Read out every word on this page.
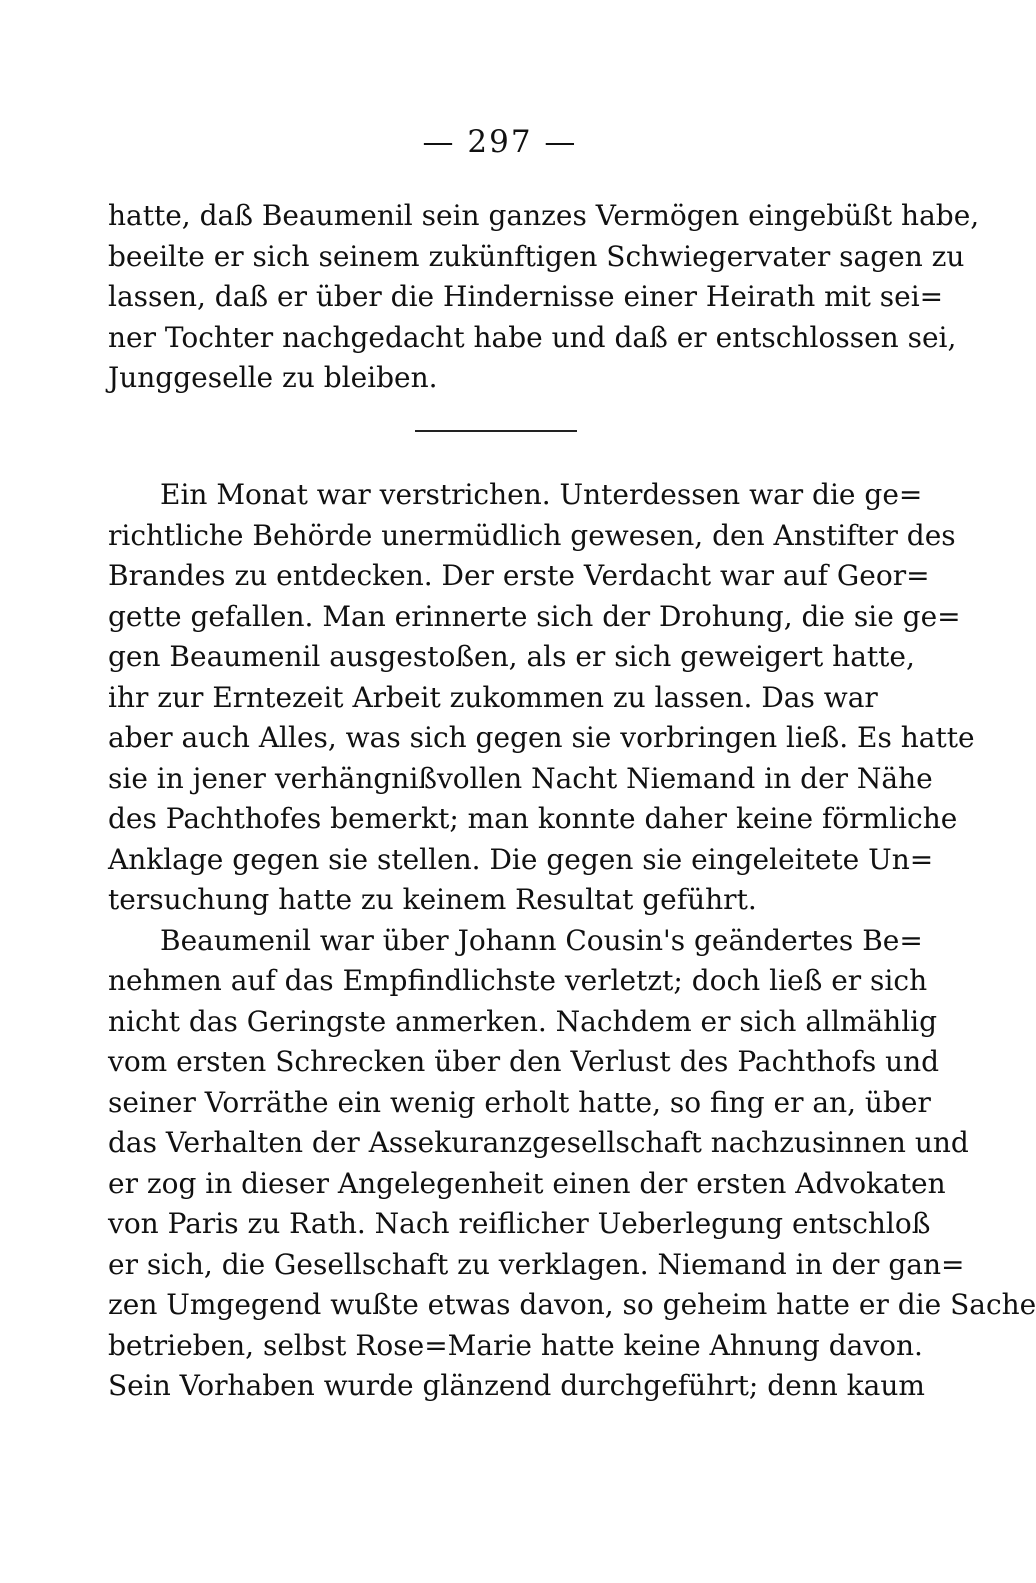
— 297 —
hatte, daß Beaumenil sein ganzes Vermögen eingebüßt habe,
beeilte er sich seinem zukünftigen Schwiegervater sagen zu
lassen, daß er über die Hindernisse einer Heirath mit sei=
ner Tochter nachgedacht habe und daß er entschlossen sei,
Junggeselle zu bleiben.
Ein Monat war verstrichen. Unterdessen war die ge=
richtliche Behörde unermüdlich gewesen, den Anstifter des
Brandes zu entdecken. Der erste Verdacht war auf Geor=
gette gefallen. Man erinnerte sich der Drohung, die sie ge=
gen Beaumenil ausgestoßen, als er sich geweigert hatte,
ihr zur Erntezeit Arbeit zukommen zu lassen. Das war
aber auch Alles, was sich gegen sie vorbringen ließ. Es hatte
sie in jener verhängnißvollen Nacht Niemand in der Nähe
des Pachthofes bemerkt; man konnte daher keine förmliche
Anklage gegen sie stellen. Die gegen sie eingeleitete Un=
tersuchung hatte zu keinem Resultat geführt.
Beaumenil war über Johann Cousin's geändertes Be=
nehmen auf das Empfindlichste verletzt; doch ließ er sich
nicht das Geringste anmerken. Nachdem er sich allmählig
vom ersten Schrecken über den Verlust des Pachthofs und
seiner Vorräthe ein wenig erholt hatte, so fing er an, über
das Verhalten der Assekuranzgesellschaft nachzusinnen und
er zog in dieser Angelegenheit einen der ersten Advokaten
von Paris zu Rath. Nach reiflicher Ueberlegung entschloß
er sich, die Gesellschaft zu verklagen. Niemand in der gan=
zen Umgegend wußte etwas davon, so geheim hatte er die Sache
betrieben, selbst Rose=Marie hatte keine Ahnung davon.
Sein Vorhaben wurde glänzend durchgeführt; denn kaum
